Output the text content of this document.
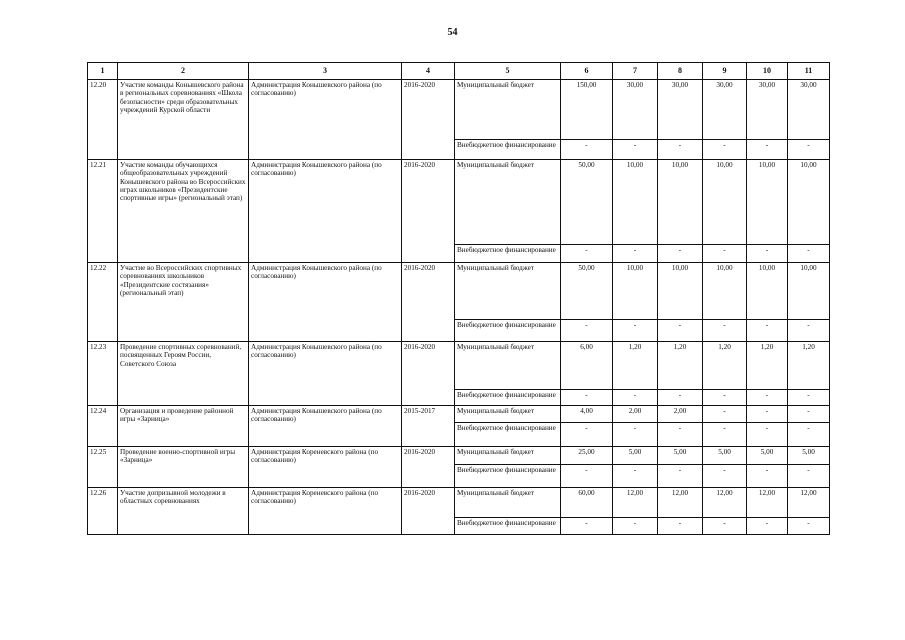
54
1	2	3	4	5	6	7	8	9	10	11
12.20	Участие команды Конышевского района в региональных соревнованиях «Школа безопасности» среди образовательных учреждений Курской области	Администрация Конышевского района (по согласованию)	2016-2020	Муниципальный бюджет	150,00	30,00	30,00	30,00	30,00	30,00
				Внебюджетное финансирование	-	-	-	-	-	-
12.21	Участие команды обучающихся общеобразовательных учреждений Конышевского района во Всероссийских играх школьников «Президентские спортивные игры» (региональный этап)	Администрация Конышевского района (по согласованию)	2016-2020	Муниципальный бюджет	50,00	10,00	10,00	10,00	10,00	10,00
				Внебюджетное финансирование	-	-	-	-	-	-
12.22	Участие во Всероссийских спортивных соревнованиях школьников «Президентские состязания» (региональный этап)	Администрация Конышевского района (по согласованию)	2016-2020	Муниципальный бюджет	50,00	10,00	10,00	10,00	10,00	10,00
				Внебюджетное финансирование	-	-	-	-	-	-
12.23	Проведение спортивных соревнований, посвященных Героям России, Советского Союза	Администрация Конышевского района (по согласованию)	2016-2020	Муниципальный бюджет	6,00	1,20	1,20	1,20	1,20	1,20
				Внебюджетное финансирование	-	-	-	-	-	-
12.24	Организация и проведение районной игры «Зарница»	Администрация Конышевского района (по согласованию)	2015-2017	Муниципальный бюджет	4,00	2,00	2,00	-	-	-
				Внебюджетное финансирование	-	-	-	-	-	-
12.25	Проведение военно-спортивной игры «Зарница»	Администрация Кореневского района (по согласованию)	2016-2020	Муниципальный бюджет	25,00	5,00	5,00	5,00	5,00	5,00
				Внебюджетное финансирование	-	-	-	-	-	-
12.26	Участие допризывной молодежи в областных соревнованиях	Администрация Кореневского района (по согласованию)	2016-2020	Муниципальный бюджет	60,00	12,00	12,00	12,00	12,00	12,00
				Внебюджетное финансирование	-	-	-	-	-	-
